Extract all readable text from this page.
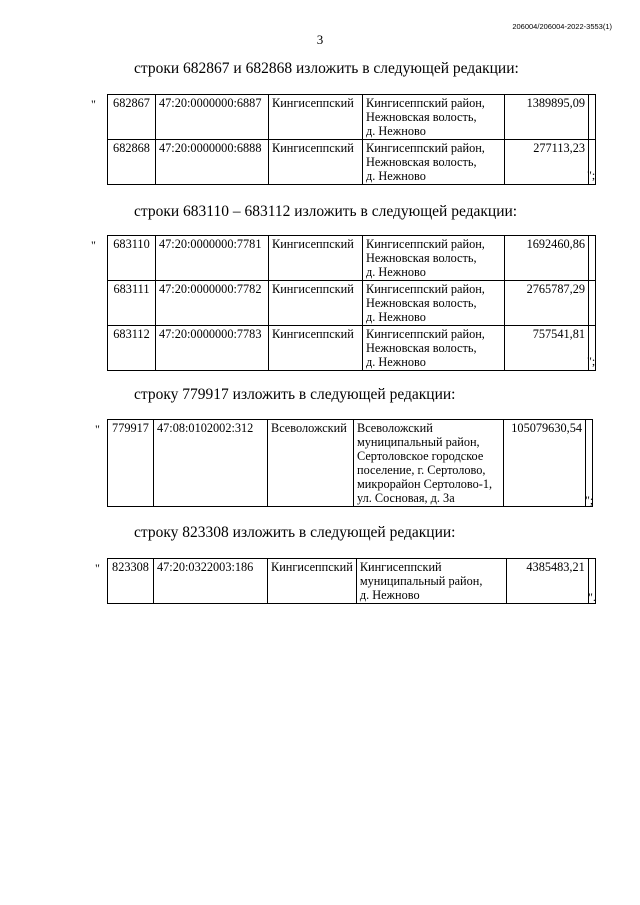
206004/206004-2022-3553(1)
3
строки 682867 и 682868 изложить в следующей редакции:
" 682867	47:20:0000000:6887	Кингисеппский	Кингисеппский район,
Нежновская волость,
д. Нежново	1389895,09	
682868	47:20:0000000:6888	Кингисеппский	Кингисеппский район,
Нежновская волость,
д. Нежново	277113,23	
";
строки 683110 – 683112 изложить в следующей редакции:
" 683110	47:20:0000000:7781	Кингисеппский	Кингисеппский район,
Нежновская волость,
д. Нежново	1692460,86	
683111	47:20:0000000:7782	Кингисеппский	Кингисеппский район,
Нежновская волость,
д. Нежново	2765787,29	
683112	47:20:0000000:7783	Кингисеппский	Кингисеппский район,
Нежновская волость,
д. Нежново	757541,81	
";
строку 779917 изложить в следующей редакции:
" 779917	47:08:0102002:312	Всеволожский	Всеволожский
муниципальный район,
Сертоловское городское
поселение, г. Сертолово,
микрорайон Сертолово-1,
ул. Сосновая, д. 3а
	105079630,54	
";
строку 823308 изложить в следующей редакции:
" 823308	47:20:0322003:186	Кингисеппский	Кингисеппский
муниципальный район,
д. Нежново
	4385483,21	
".
